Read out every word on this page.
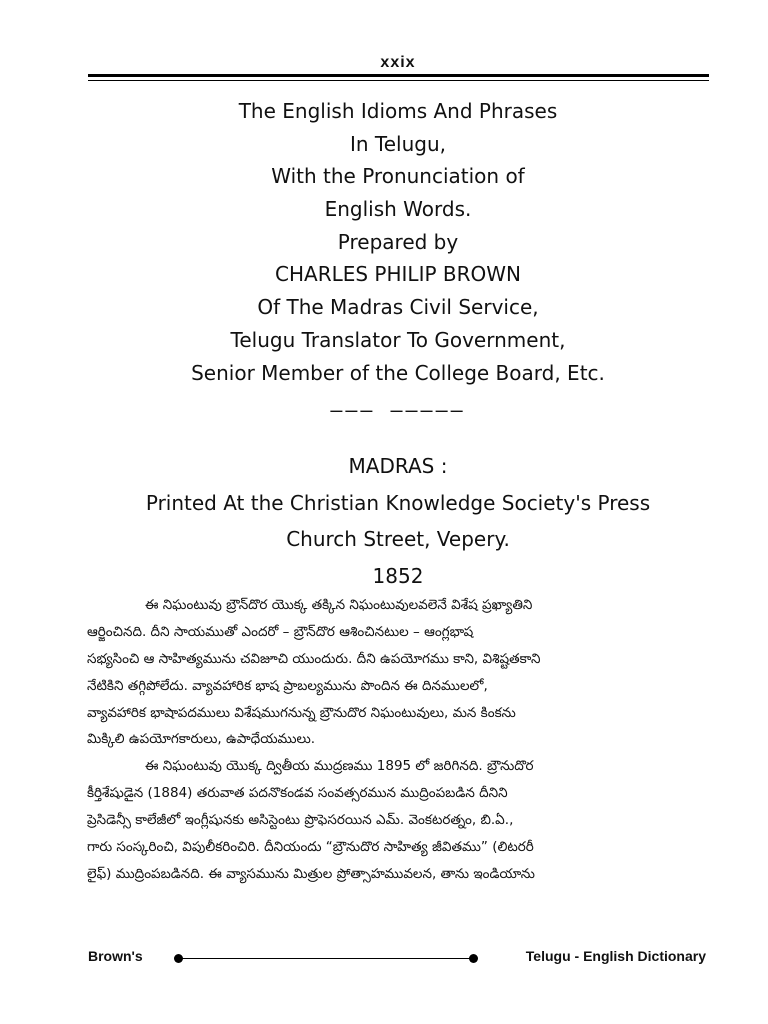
xxix
The English Idioms And Phrases
In Telugu,
With the Pronunciation of
English Words.
Prepared by
CHARLES PHILIP BROWN
Of The Madras Civil Service,
Telugu Translator To Government,
Senior Member of the College Board, Etc.
––– –––––
MADRAS :
Printed At the Christian Knowledge Society's Press
Church Street, Vepery.
1852
ఈ నిఘంటువు బ్రౌన్‌దొర యొక్క తక్కిన నిఘంటువులవలెనే విశేష ప్రఖ్యాతిని
ఆర్జించినది. దీని సాయముతో ఎందరో – బ్రౌన్‌దొర ఆశించినటుల – ఆంగ్లభాష
సభ్యసించి ఆ సాహిత్యమును చవిజూచి యుందురు. దీని ఉపయోగము కాని, విశిష్టతకాని
నేటికిని తగ్గిపోలేదు. వ్యావహారిక భాష ప్రాబల్యమును పొందిన ఈ దినములలో,
వ్యావహారిక భాషాపదములు విశేషముగనున్న బ్రౌనుదొర నిఘంటువులు, మన కింకను
మిక్కిలి ఉపయోగకారులు, ఉపాధేయములు.
ఈ నిఘంటువు యొక్క ద్వితీయ ముద్రణము 1895 లో జరిగినది. బ్రౌనుదొర
కీర్తిశేషుడైన (1884) తరువాత పదనొకండవ సంవత్సరమున ముద్రింపబడిన దీనిని
ప్రెసిడెన్సీ కాలేజీలో ఇంగ్లీషునకు అసిస్టెంటు ప్రొఫెసరయిన ఎమ్. వెంకటరత్నం, బి.ఏ.,
గారు సంస్కరించి, విపులీకరించిరి. దీనియందు “బ్రౌనుదొర సాహిత్య జీవితము” (లిటరరీ
లైఫ్) ముద్రింపబడినది. ఈ వ్యాసమును మిత్రుల ప్రోత్సాహమువలన, తాను ఇండియాను
Brown's	Telugu - English Dictionary
